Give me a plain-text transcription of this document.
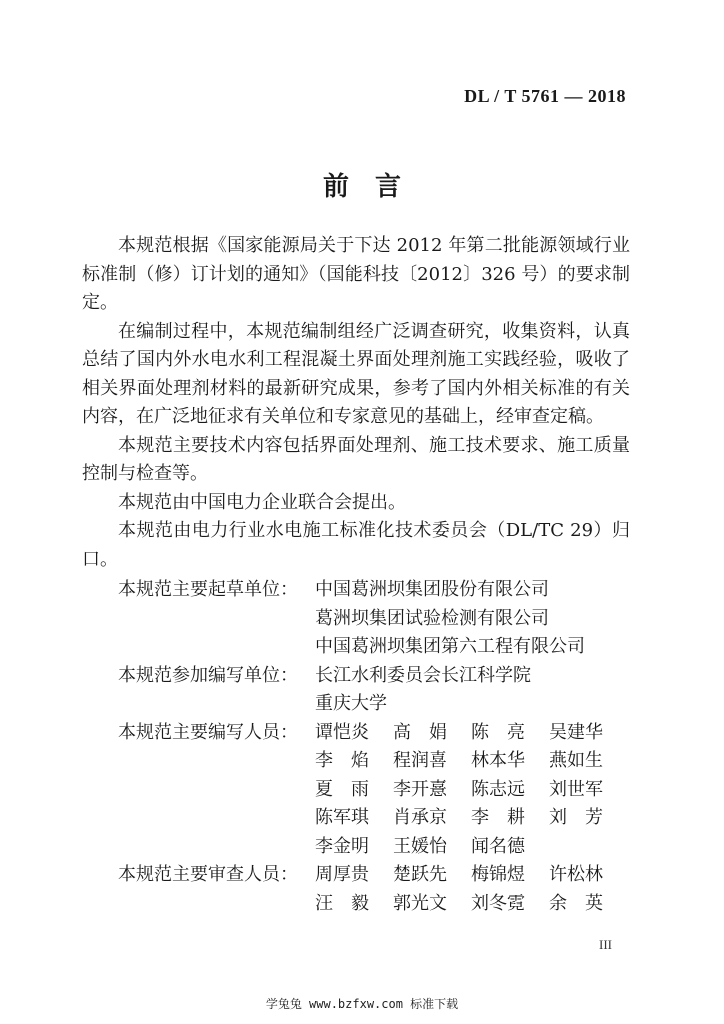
DL / T 5761 — 2018
前 言

本规范根据《国家能源局关于下达 2012 年第二批能源领域行业标准制（修）订计划的通知》（国能科技〔2012〕326 号）的要求制定。

在编制过程中，本规范编制组经广泛调查研究，收集资料，认真总结了国内外水电水利工程混凝土界面处理剂施工实践经验，吸收了相关界面处理剂材料的最新研究成果，参考了国内外相关标准的有关内容，在广泛地征求有关单位和专家意见的基础上，经审查定稿。

本规范主要技术内容包括界面处理剂、施工技术要求、施工质量控制与检查等。

本规范由中国电力企业联合会提出。

本规范由电力行业水电施工标准化技术委员会（DL/TC 29）归口。

本规范主要起草单位： 中国葛洲坝集团股份有限公司
葛洲坝集团试验检测有限公司
中国葛洲坝集团第六工程有限公司
本规范参加编写单位： 长江水利委员会长江科学院
重庆大学
本规范主要编写人员： 谭恺炎	高　娟	陈　亮	吴建华
李　焰	程润喜	林本华	燕如生
夏　雨	李开憙	陈志远	刘世军
陈军琪	肖承京	李　耕	刘　芳
李金明	王媛怡	闻名德
本规范主要审查人员： 周厚贵	楚跃先	梅锦煜	许松林
汪　毅	郭光文	刘冬霓	余　英
III
学兔兔 www.bzfxw.com 标准下载
